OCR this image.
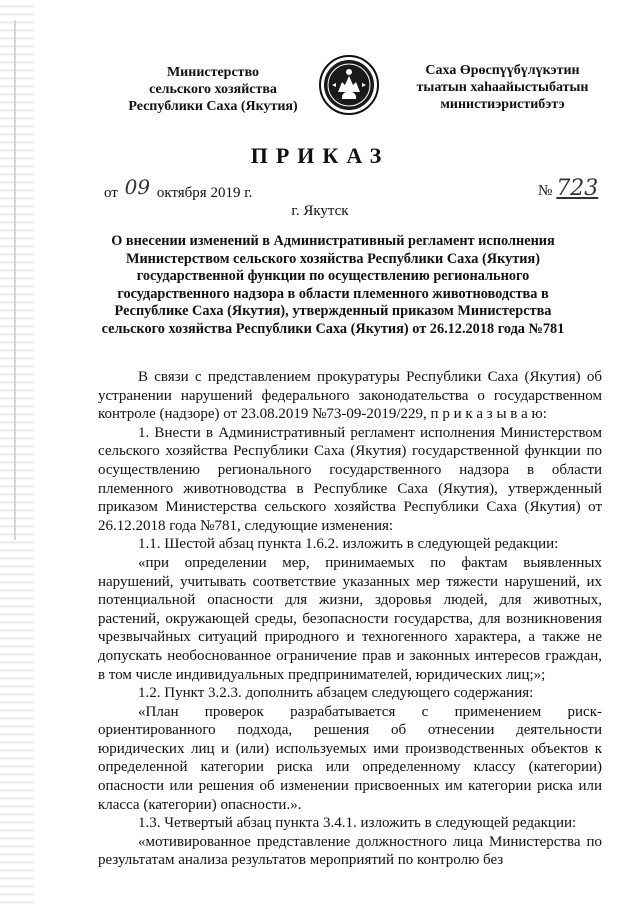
Министерство
сельского хозяйства
Республики Саха (Якутия)
Саха Өрөспүүбүлүкэтин
тыатын хаһаайыстыбатын
министиэристибэтэ
ПРИКАЗ
от 09 октября 2019 г.	№ 723
г. Якутск
О внесении изменений в Административный регламент исполнения Министерством сельского хозяйства Республики Саха (Якутия) государственной функции по осуществлению регионального государственного надзора в области племенного животноводства в Республике Саха (Якутия), утвержденный приказом Министерства сельского хозяйства Республики Саха (Якутия) от 26.12.2018 года №781

В связи с представлением прокуратуры Республики Саха (Якутия) об устранении нарушений федерального законодательства о государственном контроле (надзоре) от 23.08.2019 №73-09-2019/229, п р и к а з ы в а ю:

1. Внести в Административный регламент исполнения Министерством сельского хозяйства Республики Саха (Якутия) государственной функции по осуществлению регионального государственного надзора в области племенного животноводства в Республике Саха (Якутия), утвержденный приказом Министерства сельского хозяйства Республики Саха (Якутия) от 26.12.2018 года №781, следующие изменения:

1.1. Шестой абзац пункта 1.6.2. изложить в следующей редакции:

«при определении мер, принимаемых по фактам выявленных нарушений, учитывать соответствие указанных мер тяжести нарушений, их потенциальной опасности для жизни, здоровья людей, для животных, растений, окружающей среды, безопасности государства, для возникновения чрезвычайных ситуаций природного и техногенного характера, а также не допускать необоснованное ограничение прав и законных интересов граждан, в том числе индивидуальных предпринимателей, юридических лиц;»;

1.2. Пункт 3.2.3. дополнить абзацем следующего содержания:

«План проверок разрабатывается с применением риск-ориентированного подхода, решения об отнесении деятельности юридических лиц и (или) используемых ими производственных объектов к определенной категории риска или определенному классу (категории) опасности или решения об изменении присвоенных им категории риска или класса (категории) опасности.».

1.3. Четвертый абзац пункта 3.4.1. изложить в следующей редакции:

«мотивированное представление должностного лица Министерства по результатам анализа результатов мероприятий по контролю без
